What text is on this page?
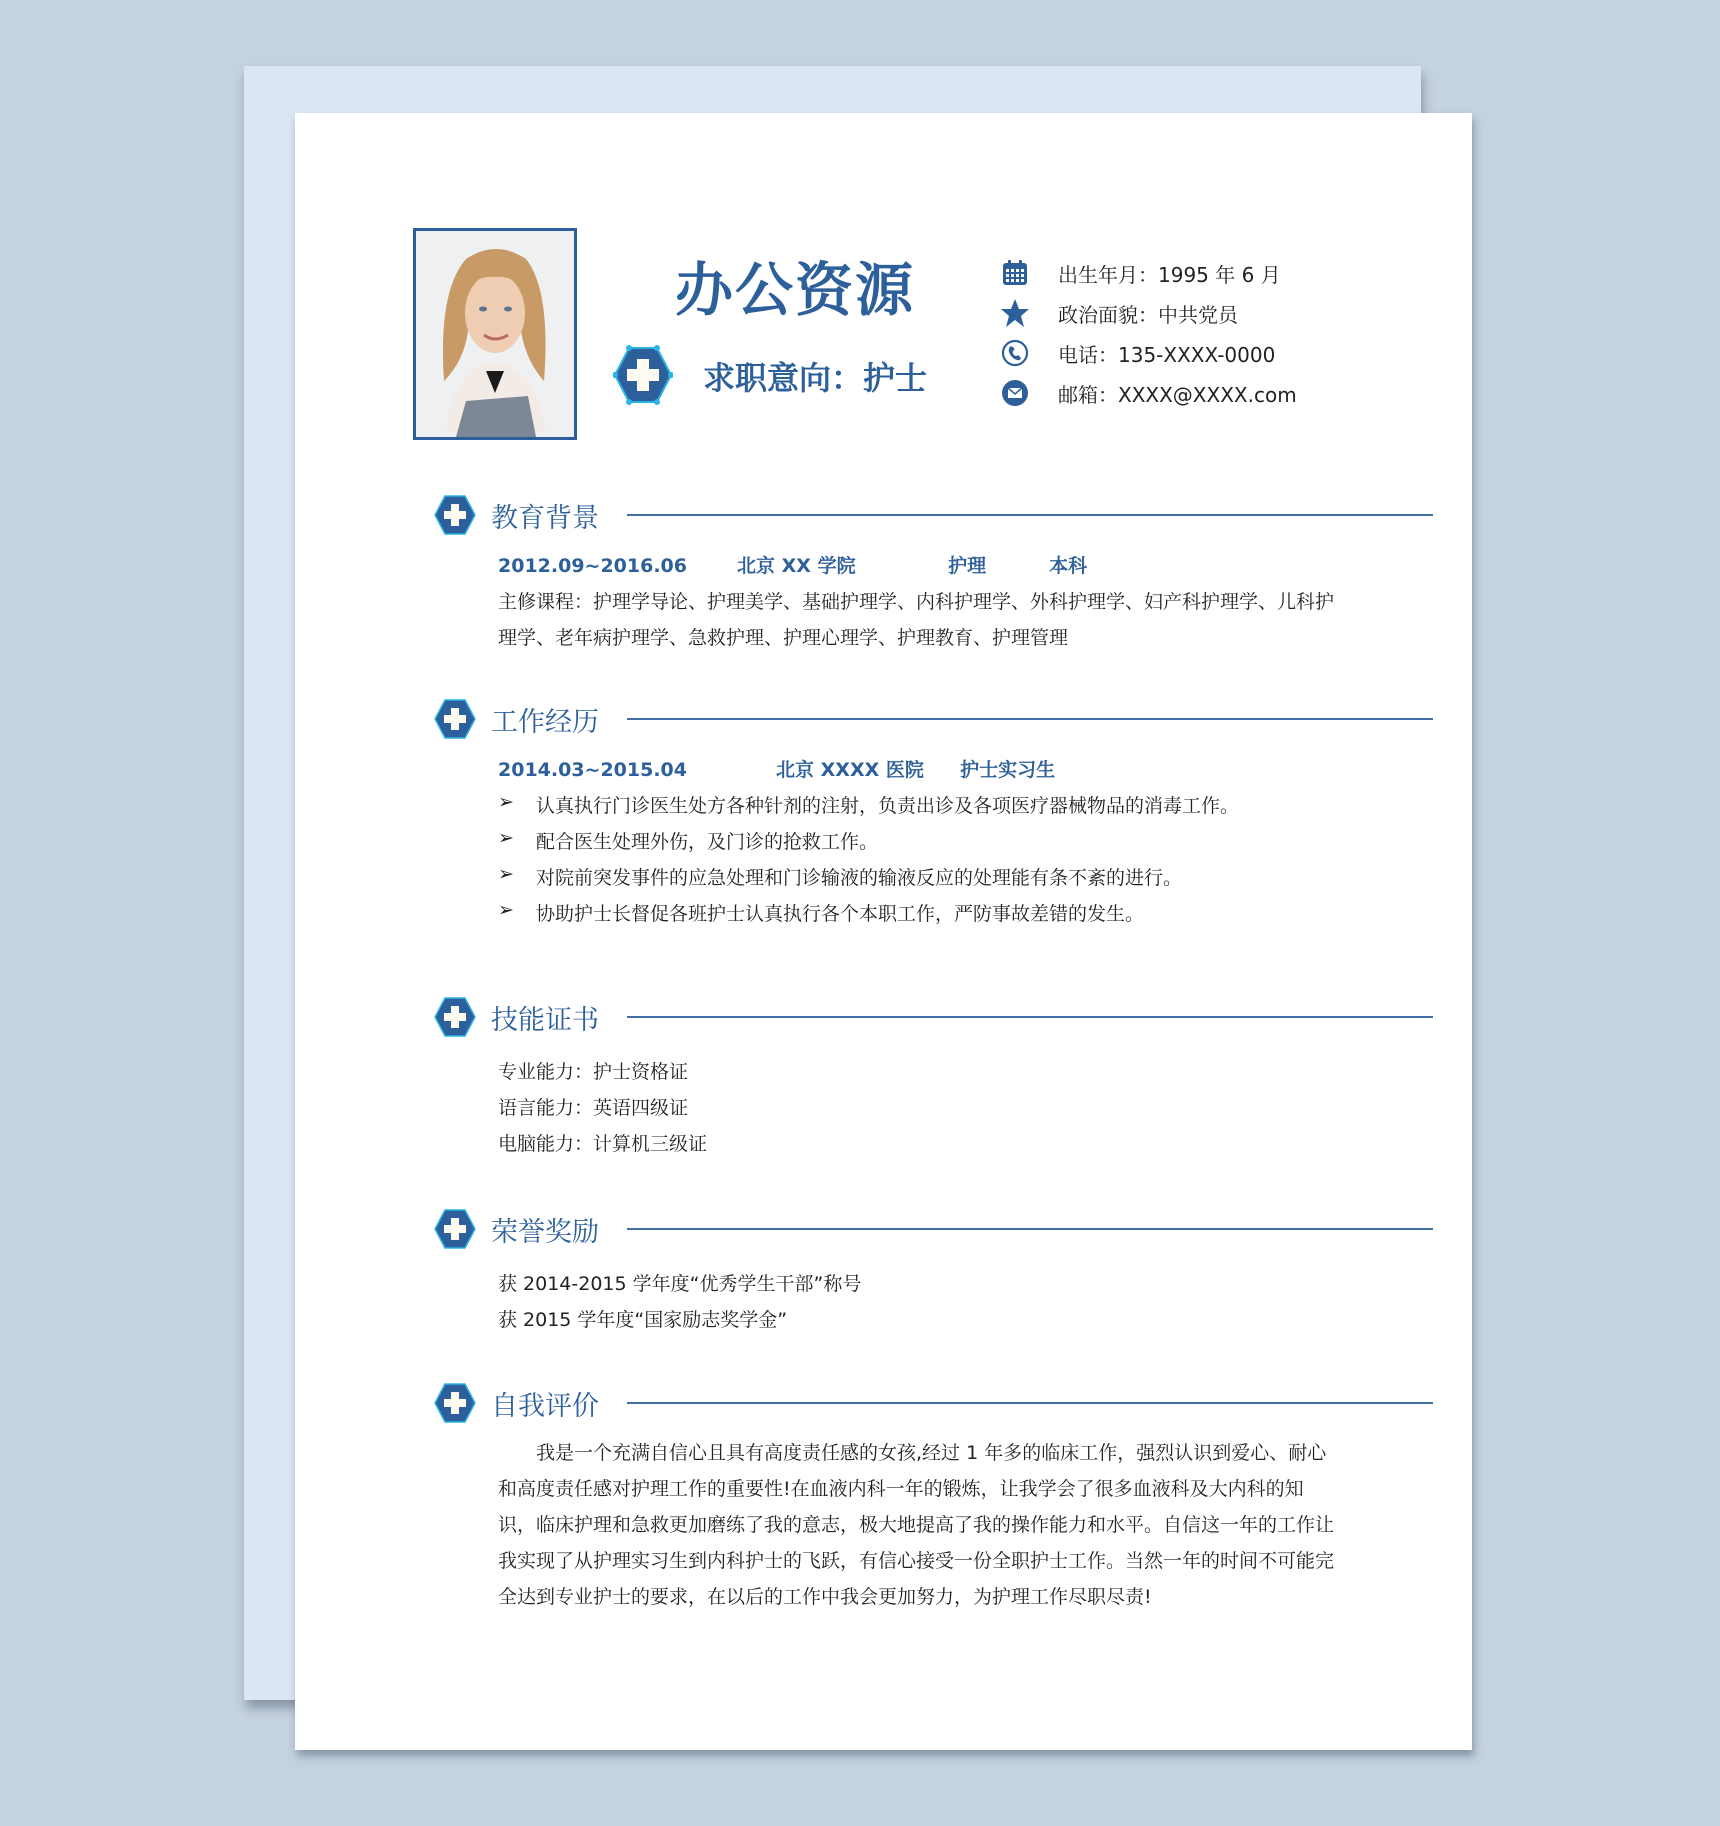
办公资源
求职意向：护士
出生年月：1995 年 6 月
政治面貌：中共党员
电话：135-XXXX-0000
邮箱：XXXX@XXXX.com
教育背景
2012.09~2016.06	北京 XX 学院	护理	本科
主修课程：护理学导论、护理美学、基础护理学、内科护理学、外科护理学、妇产科护理学、儿科护
理学、老年病护理学、急救护理、护理心理学、护理教育、护理管理
工作经历
2014.03~2015.04	北京 XXXX 医院 护士实习生
➢	认真执行门诊医生处方各种针剂的注射，负责出诊及各项医疗器械物品的消毒工作。
➢	配合医生处理外伤，及门诊的抢救工作。
➢	对院前突发事件的应急处理和门诊输液的输液反应的处理能有条不紊的进行。
➢	协助护士长督促各班护士认真执行各个本职工作，严防事故差错的发生。
技能证书
专业能力：护士资格证
语言能力：英语四级证
电脑能力：计算机三级证
荣誉奖励
获 2014-2015 学年度“优秀学生干部”称号
获 2015 学年度“国家励志奖学金”
自我评价
我是一个充满自信心且具有高度责任感的女孩,经过 1 年多的临床工作，强烈认识到爱心、耐心和高度责任感对护理工作的重要性!在血液内科一年的锻炼，让我学会了很多血液科及大内科的知识，临床护理和急救更加磨练了我的意志，极大地提高了我的操作能力和水平。自信这一年的工作让我实现了从护理实习生到内科护士的飞跃，有信心接受一份全职护士工作。当然一年的时间不可能完全达到专业护士的要求，在以后的工作中我会更加努力，为护理工作尽职尽责!
